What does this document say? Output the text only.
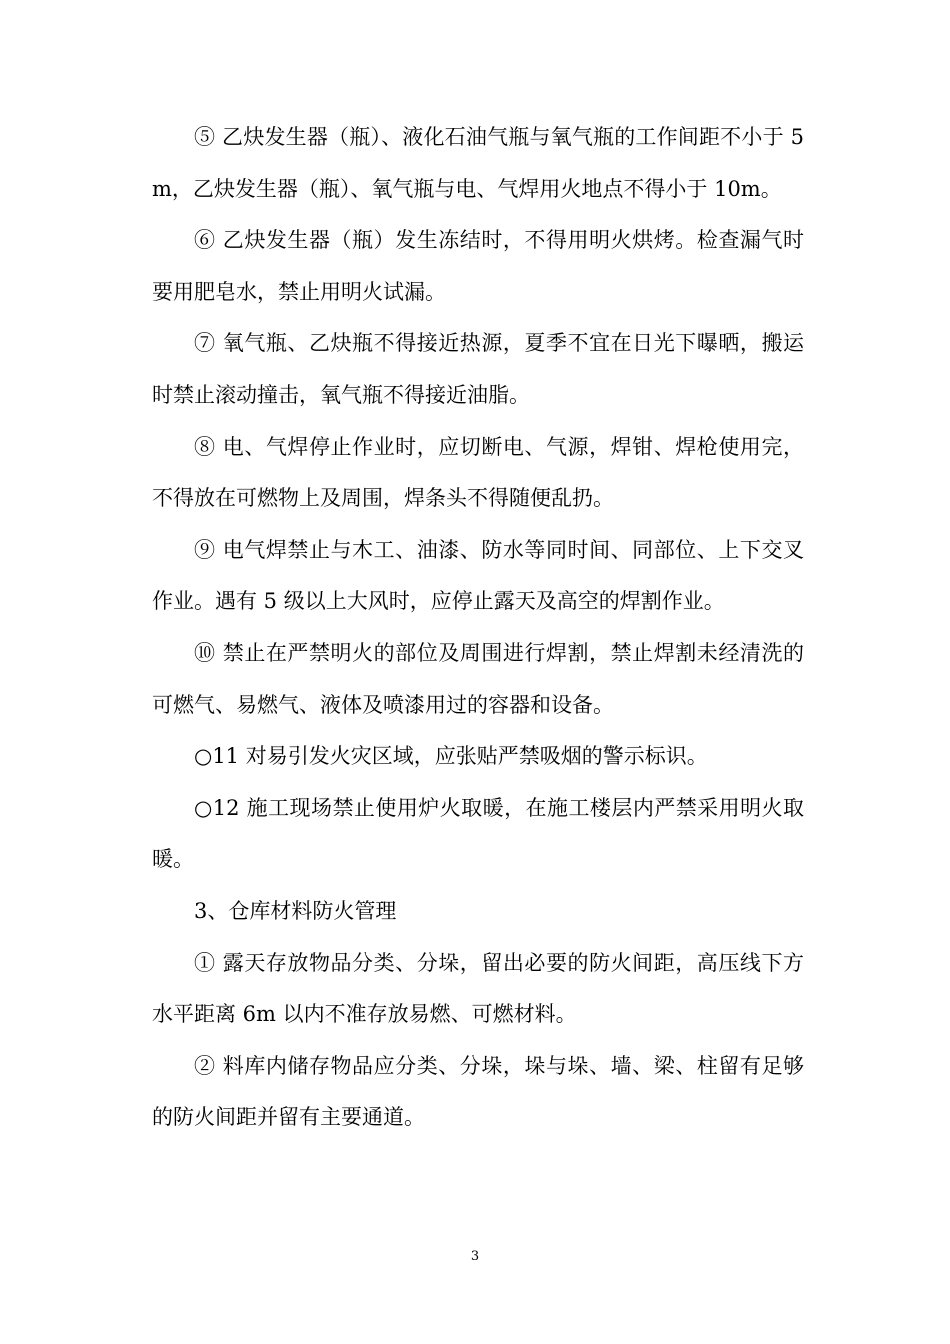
⑤ 乙炔发生器（瓶）、液化石油气瓶与氧气瓶的工作间距不小于 5m，乙炔发生器（瓶）、氧气瓶与电、气焊用火地点不得小于 10m。

⑥ 乙炔发生器（瓶）发生冻结时，不得用明火烘烤。检查漏气时要用肥皂水，禁止用明火试漏。

⑦ 氧气瓶、乙炔瓶不得接近热源，夏季不宜在日光下曝晒，搬运时禁止滚动撞击，氧气瓶不得接近油脂。

⑧ 电、气焊停止作业时，应切断电、气源，焊钳、焊枪使用完，不得放在可燃物上及周围，焊条头不得随便乱扔。

⑨ 电气焊禁止与木工、油漆、防水等同时间、同部位、上下交叉作业。遇有 5 级以上大风时，应停止露天及高空的焊割作业。

⑩ 禁止在严禁明火的部位及周围进行焊割，禁止焊割未经清洗的可燃气、易燃气、液体及喷漆用过的容器和设备。

○11 对易引发火灾区域，应张贴严禁吸烟的警示标识。

○12 施工现场禁止使用炉火取暖，在施工楼层内严禁采用明火取暖。

3、仓库材料防火管理

① 露天存放物品分类、分垛，留出必要的防火间距，高压线下方水平距离 6m 以内不准存放易燃、可燃材料。

② 料库内储存物品应分类、分垛，垛与垛、墙、梁、柱留有足够的防火间距并留有主要通道。

3
